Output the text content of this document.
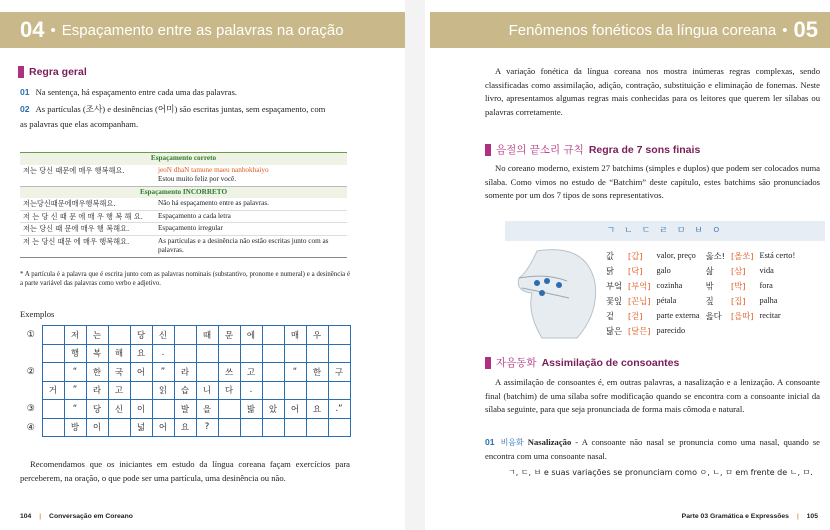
04 • Espaçamento entre as palavras na oração
Regra geral
01 Na sentença, há espaçamento entre cada uma das palavras.
02 As partículas (조사) e desinências (어미) são escritas juntas, sem espaçamento, com
as palavras que elas acompanham.
Espaçamento correto	
저는 당신 때문에 매우 행복해요.	jeoN dhaN tamune maeu nanbokhaiyo
Estou muito feliz por você.

Espaçamento INCORRETO	
저는당신때문에매우행복해요.	Não há espaçamento entre as palavras.
저 는 당 신 때 문 에 매 우 행 복 해 요.	Espaçamento a cada letra
저는 당신 때 문에 매우 행 복해요.	Espaçamento irregular
저 는 당신 때문 에 매우 행복해요.	As partículas e a desinência não estão escritas junto com as palavras.
* A partícula é a palavra que é escrita junto com as palavras nominais (substantivo, pronome e numeral) e a desinência é a parte variável das palavras como verbo e adjetivo.
Exemplos
①		저	는		당	신		때	문	에		매	우	
		행	복	해	요	.								
②		“	한	국	어	”	라		쓰	고		“	한	구
	거	”	라	고		읽	습	니	다	.				
③		“	당	신	이		발	을		밟	았	어	요	.”
④		방	이		넓	어	요	?						
Recomendamos que os iniciantes em estudo da língua coreana façam exercícios para perceberem, na oração, o que pode ser uma partícula, uma desinência ou não.
104 | Conversação em Coreano
Fenômenos fonéticos da língua coreana • 05
A variação fonética da língua coreana nos mostra inúmeras regras complexas, sendo classificadas como assimilação, adição, contração, substituição e eliminação de fonemas. Neste livro, apresentamos algumas regras mais conhecidas para os leitores que querem ler sílabas ou palavras corretamente.
음절의 끝소리 규칙 Regra de 7 sons finais
No coreano moderno, existem 27 batchims (simples e duplos) que podem ser colocados numa sílaba. Como vimos no estudo de “Batchim” deste capítulo, estes batchims são pronunciados somente por um dos 7 tipos de sons representativos.
ㄱ ㄴ ㄷ ㄹ ㅁ ㅂ ㅇ
값	[갑]	valor, preço	옳소!	[올쏘]	Está certo!
닭	[닥]	galo	삶	[삼]	vida
부엌	[부억]	cozinha	밖	[박]	fora
꽃잎	[꼰닙]	pétala	짚	[집]	palha
겉	[걷]	parte externa	읊다	[읍따]	recitar
닮은	[달믄]	parecido			
자음동화 Assimilação de consoantes
A assimilação de consoantes é, em outras palavras, a nasalização e a lenização. A consoante final (batchim) de uma sílaba sofre modificação quando se encontra com a consoante inicial da sílaba seguinte, para que seja pronunciada de forma mais cômoda e natural.
01 비음화 Nasalização - A consoante não nasal se pronuncia como uma nasal, quando se encontra com uma consoante nasal.
ㄱ, ㄷ, ㅂ e suas variações se pronunciam como ㅇ, ㄴ, ㅁ em frente de ㄴ, ㅁ.
Parte 03 Gramática e Expressões | 105
